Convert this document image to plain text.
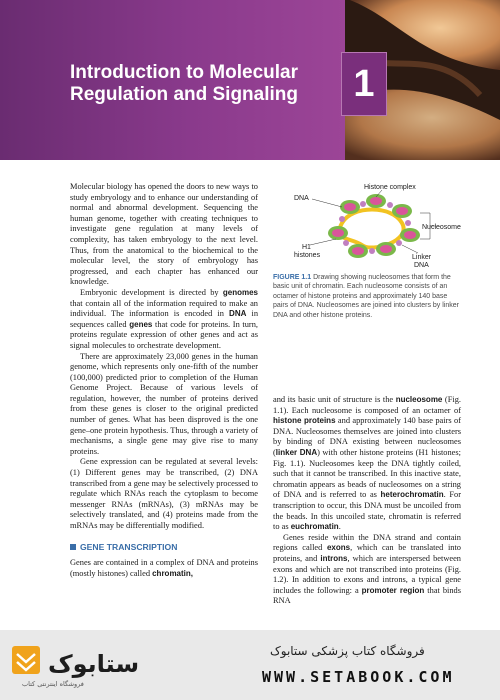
Introduction to Molecular Regulation and Signaling	1

Molecular biology has opened the doors to new ways to study embryology and to enhance our understanding of normal and abnormal development. Sequencing the human genome, together with creating techniques to investigate gene regulation at many levels of complexity, has taken embryology to the next level. Thus, from the anatomical to the biochemical to the molecular level, the story of embryology has progressed, and each chapter has enhanced our knowledge.

Embryonic development is directed by genomes that contain all of the information required to make an individual. The information is encoded in DNA in sequences called genes that code for proteins. In turn, proteins regulate expression of other genes and act as signal molecules to orchestrate development.

There are approximately 23,000 genes in the human genome, which represents only one-fifth of the number (100,000) predicted prior to completion of the Human Genome Project. Because of various levels of regulation, however, the number of proteins derived from these genes is closer to the original predicted number of genes. What has been disproved is the one gene–one protein hypothesis. Thus, through a variety of mechanisms, a single gene may give rise to many proteins.

Gene expression can be regulated at several levels: (1) Different genes may be transcribed, (2) DNA transcribed from a gene may be selectively processed to regulate which RNAs reach the cytoplasm to become messenger RNAs (mRNAs), (3) mRNAs may be selectively translated, and (4) proteins made from the mRNAs may be differentially modified.

GENE TRANSCRIPTION

Genes are contained in a complex of DNA and proteins (mostly histones) called chromatin,

Histone complex
DNA
Nucleosome
H1
histones	Linker
DNA
FIGURE 1.1 Drawing showing nucleosomes that form the basic unit of chromatin. Each nucleosome consists of an octamer of histone proteins and approximately 140 base pairs of DNA. Nucleosomes are joined into clusters by linker DNA and other histone proteins.

and its basic unit of structure is the nucleosome (Fig. 1.1). Each nucleosome is composed of an octamer of histone proteins and approximately 140 base pairs of DNA. Nucleosomes themselves are joined into clusters by binding of DNA existing between nucleosomes (linker DNA) with other histone proteins (H1 histones; Fig. 1.1). Nucleosomes keep the DNA tightly coiled, such that it cannot be transcribed. In this inactive state, chromatin appears as beads of nucleosomes on a string of DNA and is referred to as heterochromatin. For transcription to occur, this DNA must be uncoiled from the beads. In this uncoiled state, chromatin is referred to as euchromatin.

Genes reside within the DNA strand and contain regions called exons, which can be translated into proteins, and introns, which are interspersed between exons and which are not transcribed into proteins (Fig. 1.2). In addition to exons and introns, a typical gene includes the following: a promoter region that binds RNA

ستابوک
فروشگاه اینترنتی کتاب
فروشگاه کتاب پزشکی ستابوک
WWW.SETABOOK.COM
